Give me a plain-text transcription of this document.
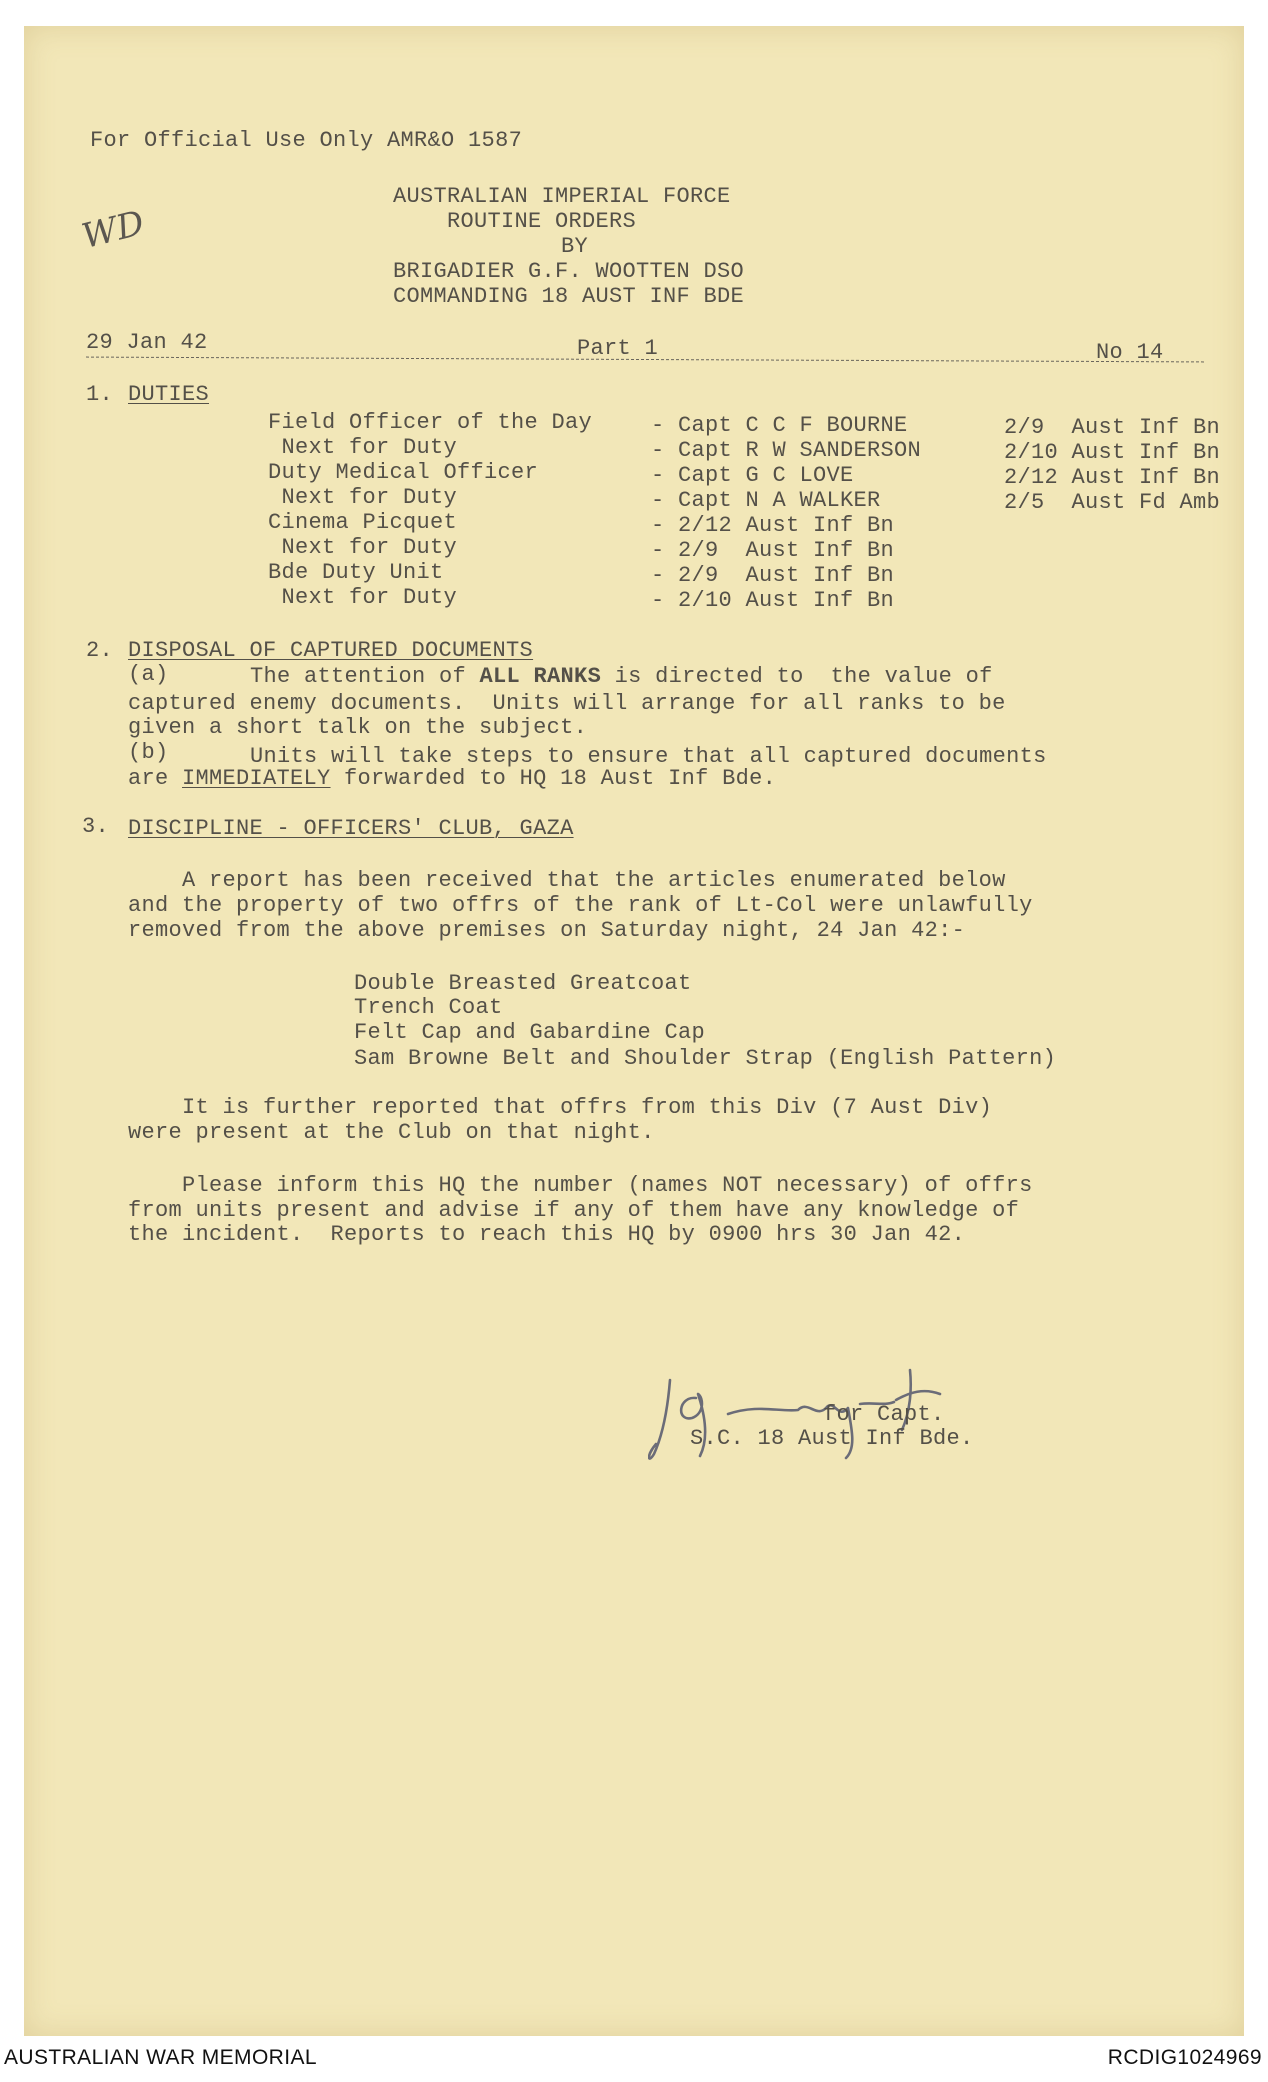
For Official Use Only AMR&O 1587
WD
AUSTRALIAN IMPERIAL FORCE
ROUTINE ORDERS
BY
BRIGADIER G.F. WOOTTEN DSO
COMMANDING 18 AUST INF BDE
29 Jan 42	Part 1	No 14
1. DUTIES
Field Officer of the Day	- Capt C C F BOURNE	2/9  Aust Inf Bn
Next for Duty	- Capt R W SANDERSON	2/10 Aust Inf Bn
Duty Medical Officer	- Capt G C LOVE	2/12 Aust Inf Bn
Next for Duty	- Capt N A WALKER	2/5  Aust Fd Amb
Cinema Picquet	- 2/12 Aust Inf Bn
Next for Duty	- 2/9  Aust Inf Bn
Bde Duty Unit	- 2/9  Aust Inf Bn
Next for Duty	- 2/10 Aust Inf Bn
2. DISPOSAL OF CAPTURED DOCUMENTS
(a)	The attention of ALL RANKS is directed to  the value of
captured enemy documents.  Units will arrange for all ranks to be
given a short talk on the subject.
(b)	Units will take steps to ensure that all captured documents
are IMMEDIATELY forwarded to HQ 18 Aust Inf Bde.
3. DISCIPLINE - OFFICERS' CLUB, GAZA
A report has been received that the articles enumerated below
and the property of two offrs of the rank of Lt-Col were unlawfully
removed from the above premises on Saturday night, 24 Jan 42:-
Double Breasted Greatcoat
Trench Coat
Felt Cap and Gabardine Cap
Sam Browne Belt and Shoulder Strap (English Pattern)
It is further reported that offrs from this Div (7 Aust Div)
were present at the Club on that night.
Please inform this HQ the number (names NOT necessary) of offrs
from units present and advise if any of them have any knowledge of
the incident.  Reports to reach this HQ by 0900 hrs 30 Jan 42.
for Capt.
S.C. 18 Aust Inf Bde.
AUSTRALIAN WAR MEMORIAL	RCDIG1024969
